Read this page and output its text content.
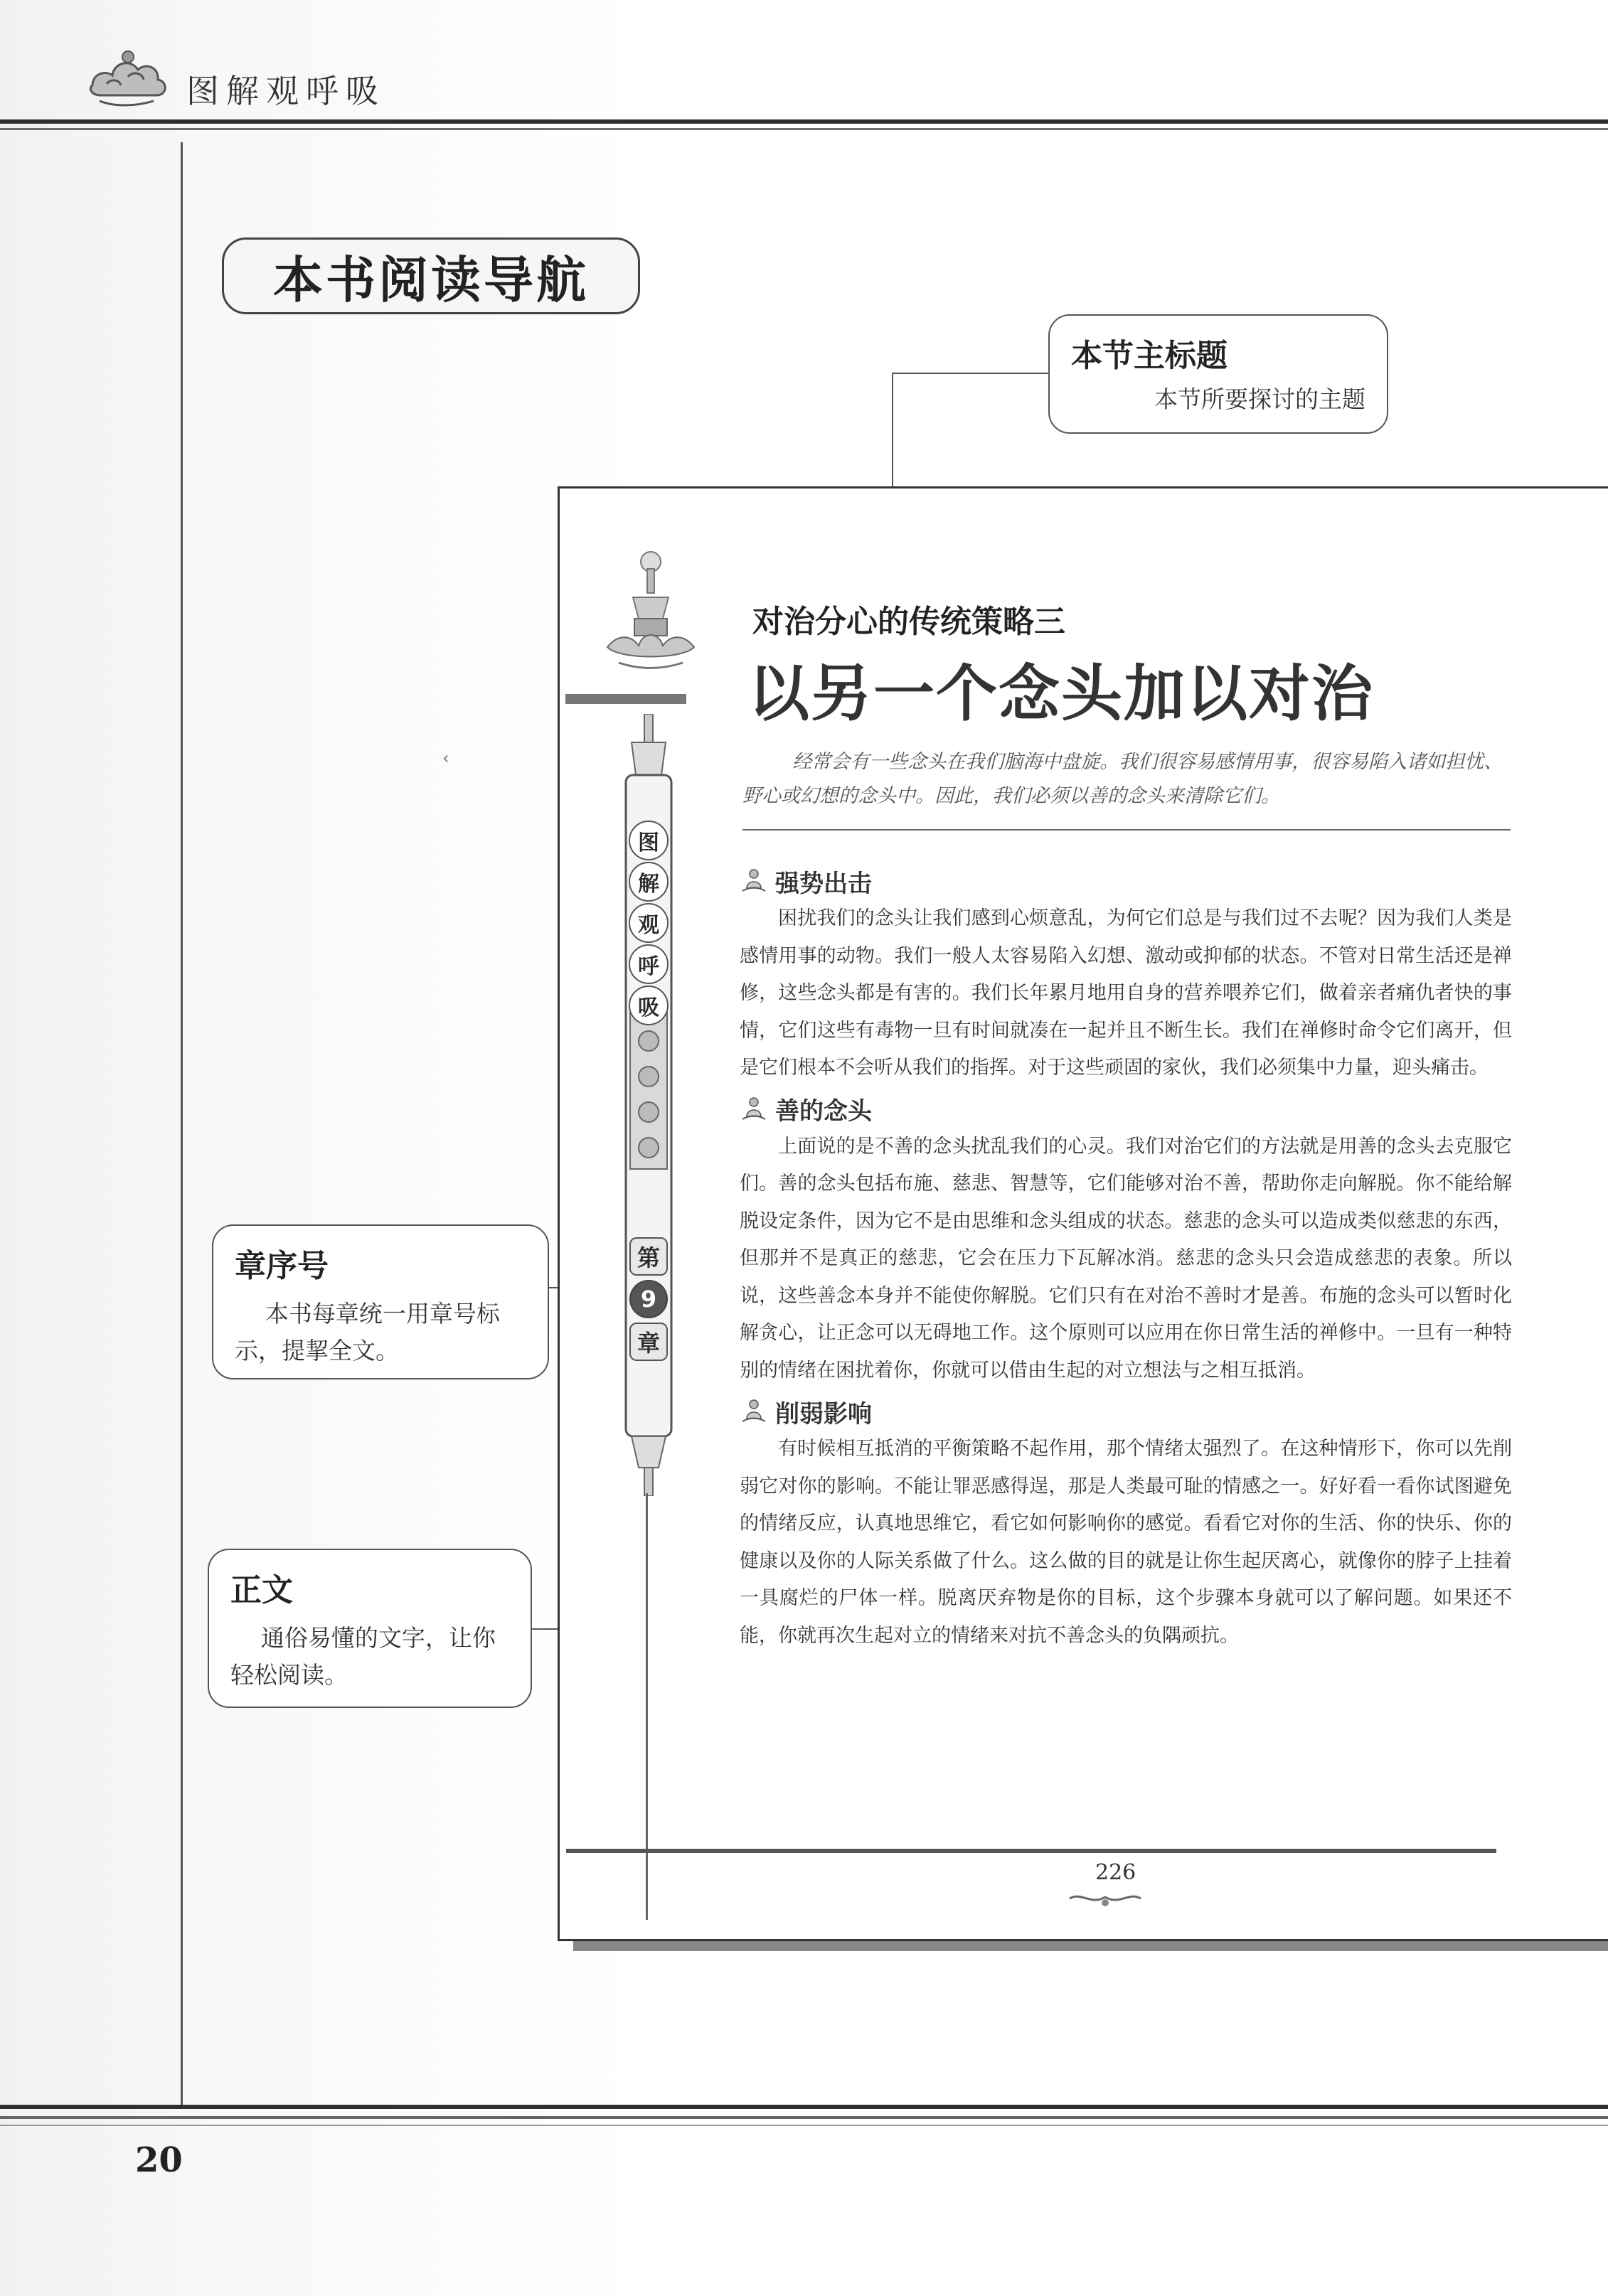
图解观呼吸
本书阅读导航
本节主标题
本节所要探讨的主题
章序号
本书每章统一用章号标示，提挈全文。
正文
通俗易懂的文字，让你轻松阅读。
‹
图
解
观
呼
吸
第
9
章
对治分心的传统策略三
以另一个念头加以对治
经常会有一些念头在我们脑海中盘旋。我们很容易感情用事，很容易陷入诸如担忧、野心或幻想的念头中。因此，我们必须以善的念头来清除它们。
强势出击

困扰我们的念头让我们感到心烦意乱，为何它们总是与我们过不去呢？因为我们人类是感情用事的动物。我们一般人太容易陷入幻想、激动或抑郁的状态。不管对日常生活还是禅修，这些念头都是有害的。我们长年累月地用自身的营养喂养它们，做着亲者痛仇者快的事情，它们这些有毒物一旦有时间就凑在一起并且不断生长。我们在禅修时命令它们离开，但是它们根本不会听从我们的指挥。对于这些顽固的家伙，我们必须集中力量，迎头痛击。

善的念头

上面说的是不善的念头扰乱我们的心灵。我们对治它们的方法就是用善的念头去克服它们。善的念头包括布施、慈悲、智慧等，它们能够对治不善，帮助你走向解脱。你不能给解脱设定条件，因为它不是由思维和念头组成的状态。慈悲的念头可以造成类似慈悲的东西，但那并不是真正的慈悲，它会在压力下瓦解冰消。慈悲的念头只会造成慈悲的表象。所以说，这些善念本身并不能使你解脱。它们只有在对治不善时才是善。布施的念头可以暂时化解贪心，让正念可以无碍地工作。这个原则可以应用在你日常生活的禅修中。一旦有一种特别的情绪在困扰着你，你就可以借由生起的对立想法与之相互抵消。

削弱影响

有时候相互抵消的平衡策略不起作用，那个情绪太强烈了。在这种情形下，你可以先削弱它对你的影响。不能让罪恶感得逞，那是人类最可耻的情感之一。好好看一看你试图避免的情绪反应，认真地思维它，看它如何影响你的感觉。看看它对你的生活、你的快乐、你的健康以及你的人际关系做了什么。这么做的目的就是让你生起厌离心，就像你的脖子上挂着一具腐烂的尸体一样。脱离厌弃物是你的目标，这个步骤本身就可以了解问题。如果还不能，你就再次生起对立的情绪来对抗不善念头的负隅顽抗。

226
20
